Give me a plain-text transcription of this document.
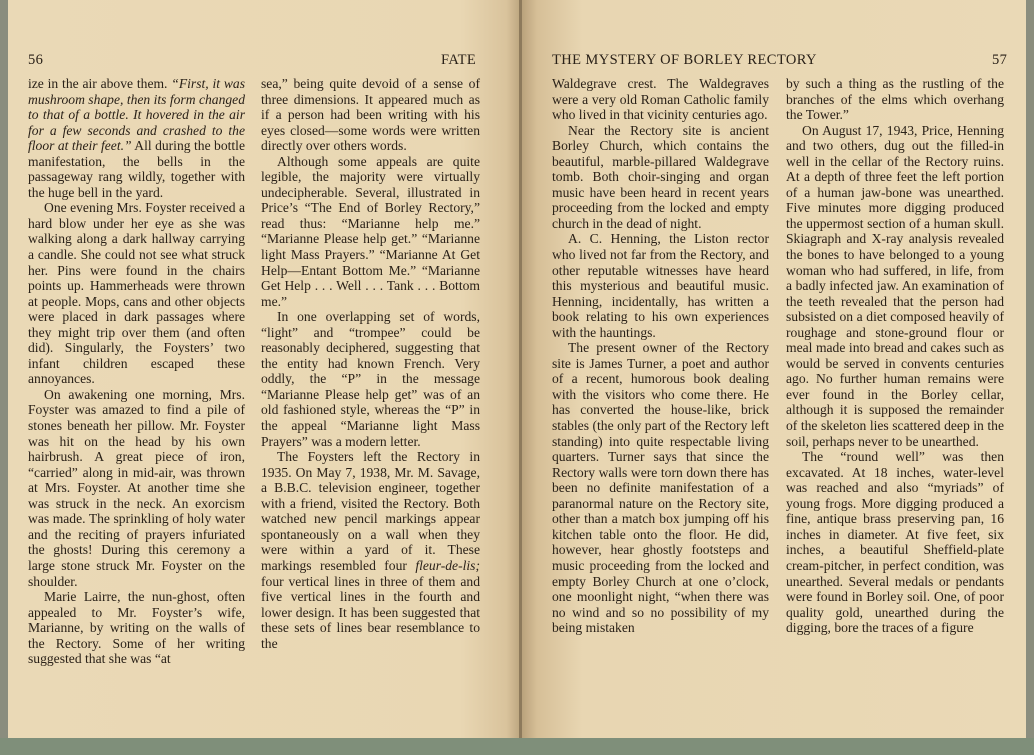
56	FATE

ize in the air above them. “First, it was mushroom shape, then its form changed to that of a bottle. It hovered in the air for a few seconds and crashed to the floor at their feet.” All during the bottle manifestation, the bells in the passageway rang wildly, together with the huge bell in the yard.

One evening Mrs. Foyster received a hard blow under her eye as she was walking along a dark hallway carrying a candle. She could not see what struck her. Pins were found in the chairs points up. Hammerheads were thrown at people. Mops, cans and other objects were placed in dark passages where they might trip over them (and often did). Singularly, the Foysters’ two infant children escaped these annoyances.

On awakening one morning, Mrs. Foyster was amazed to find a pile of stones beneath her pillow. Mr. Foyster was hit on the head by his own hairbrush. A great piece of iron, “carried” along in mid-air, was thrown at Mrs. Foyster. At another time she was struck in the neck. An exorcism was made. The sprinkling of holy water and the reciting of prayers infuriated the ghosts! During this ceremony a large stone struck Mr. Foyster on the shoulder.

Marie Lairre, the nun-ghost, often appealed to Mr. Foyster’s wife, Marianne, by writing on the walls of the Rectory. Some of her writing suggested that she was “at

sea,” being quite devoid of a sense of three dimensions. It appeared much as if a person had been writing with his eyes closed—some words were written directly over others words.

Although some appeals are quite legible, the majority were virtually undecipherable. Several, illustrated in Price’s “The End of Borley Rectory,” read thus: “Marianne help me.” “Marianne Please help get.” “Marianne light Mass Prayers.” “Marianne At Get Help—Entant Bottom Me.” “Marianne Get Help . . . Well . . . Tank . . . Bottom me.”

In one overlapping set of words, “light” and “trompee” could be reasonably deciphered, suggesting that the entity had known French. Very oddly, the “P” in the message “Marianne Please help get” was of an old fashioned style, whereas the “P” in the appeal “Marianne light Mass Prayers” was a modern letter.

The Foysters left the Rectory in 1935. On May 7, 1938, Mr. M. Savage, a B.B.C. television engineer, together with a friend, visited the Rectory. Both watched new pencil markings appear spontaneously on a wall when they were within a yard of it. These markings resembled four fleur-de-lis; four vertical lines in three of them and five vertical lines in the fourth and lower design. It has been suggested that these sets of lines bear resemblance to the

THE MYSTERY OF BORLEY RECTORY	57

Waldegrave crest. The Waldegraves were a very old Roman Catholic family who lived in that vicinity centuries ago.

Near the Rectory site is ancient Borley Church, which contains the beautiful, marble-pillared Waldegrave tomb. Both choir-singing and organ music have been heard in recent years proceeding from the locked and empty church in the dead of night.

A. C. Henning, the Liston rector who lived not far from the Rectory, and other reputable witnesses have heard this mysterious and beautiful music. Henning, incidentally, has written a book relating to his own experiences with the hauntings.

The present owner of the Rectory site is James Turner, a poet and author of a recent, humorous book dealing with the visitors who come there. He has converted the house-like, brick stables (the only part of the Rectory left standing) into quite respectable living quarters. Turner says that since the Rectory walls were torn down there has been no definite manifestation of a paranormal nature on the Rectory site, other than a match box jumping off his kitchen table onto the floor. He did, however, hear ghostly footsteps and music proceeding from the locked and empty Borley Church at one o’clock, one moonlight night, “when there was no wind and so no possibility of my being mistaken

by such a thing as the rustling of the branches of the elms which overhang the Tower.”

On August 17, 1943, Price, Henning and two others, dug out the filled-in well in the cellar of the Rectory ruins. At a depth of three feet the left portion of a human jaw-bone was unearthed. Five minutes more digging produced the uppermost section of a human skull. Skiagraph and X-ray analysis revealed the bones to have belonged to a young woman who had suffered, in life, from a badly infected jaw. An examination of the teeth revealed that the person had subsisted on a diet composed heavily of roughage and stone-ground flour or meal made into bread and cakes such as would be served in convents centuries ago. No further human remains were ever found in the Borley cellar, although it is supposed the remainder of the skeleton lies scattered deep in the soil, perhaps never to be unearthed.

The “round well” was then excavated. At 18 inches, water-level was reached and also “myriads” of young frogs. More digging produced a fine, antique brass preserving pan, 16 inches in diameter. At five feet, six inches, a beautiful Sheffield-plate cream-pitcher, in perfect condition, was unearthed. Several medals or pendants were found in Borley soil. One, of poor quality gold, unearthed during the digging, bore the traces of a figure
